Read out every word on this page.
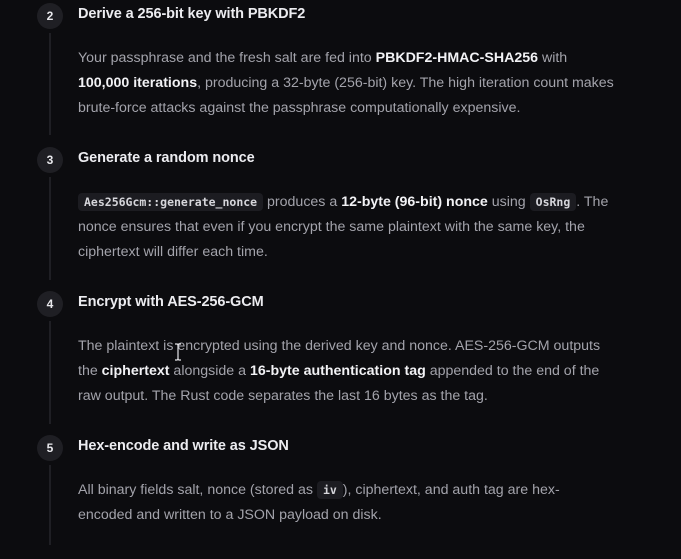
2 Derive a 256-bit key with PBKDF2

Your passphrase and the fresh salt are fed into PBKDF2-HMAC-SHA256 with 100,000 iterations, producing a 32-byte (256-bit) key. The high iteration count makes brute-force attacks against the passphrase computationally expensive.

3 Generate a random nonce

Aes256Gcm::generate_nonce produces a 12-byte (96-bit) nonce using OsRng . The nonce ensures that even if you encrypt the same plaintext with the same key, the ciphertext will differ each time.

4 Encrypt with AES-256-GCM

The plaintext is encrypted using the derived key and nonce. AES-256-GCM outputs the ciphertext alongside a 16-byte authentication tag appended to the end of the raw output. The Rust code separates the last 16 bytes as the tag.

5 Hex-encode and write as JSON

All binary fields salt, nonce (stored as iv ), ciphertext, and auth tag are hex-encoded and written to a JSON payload on disk.
